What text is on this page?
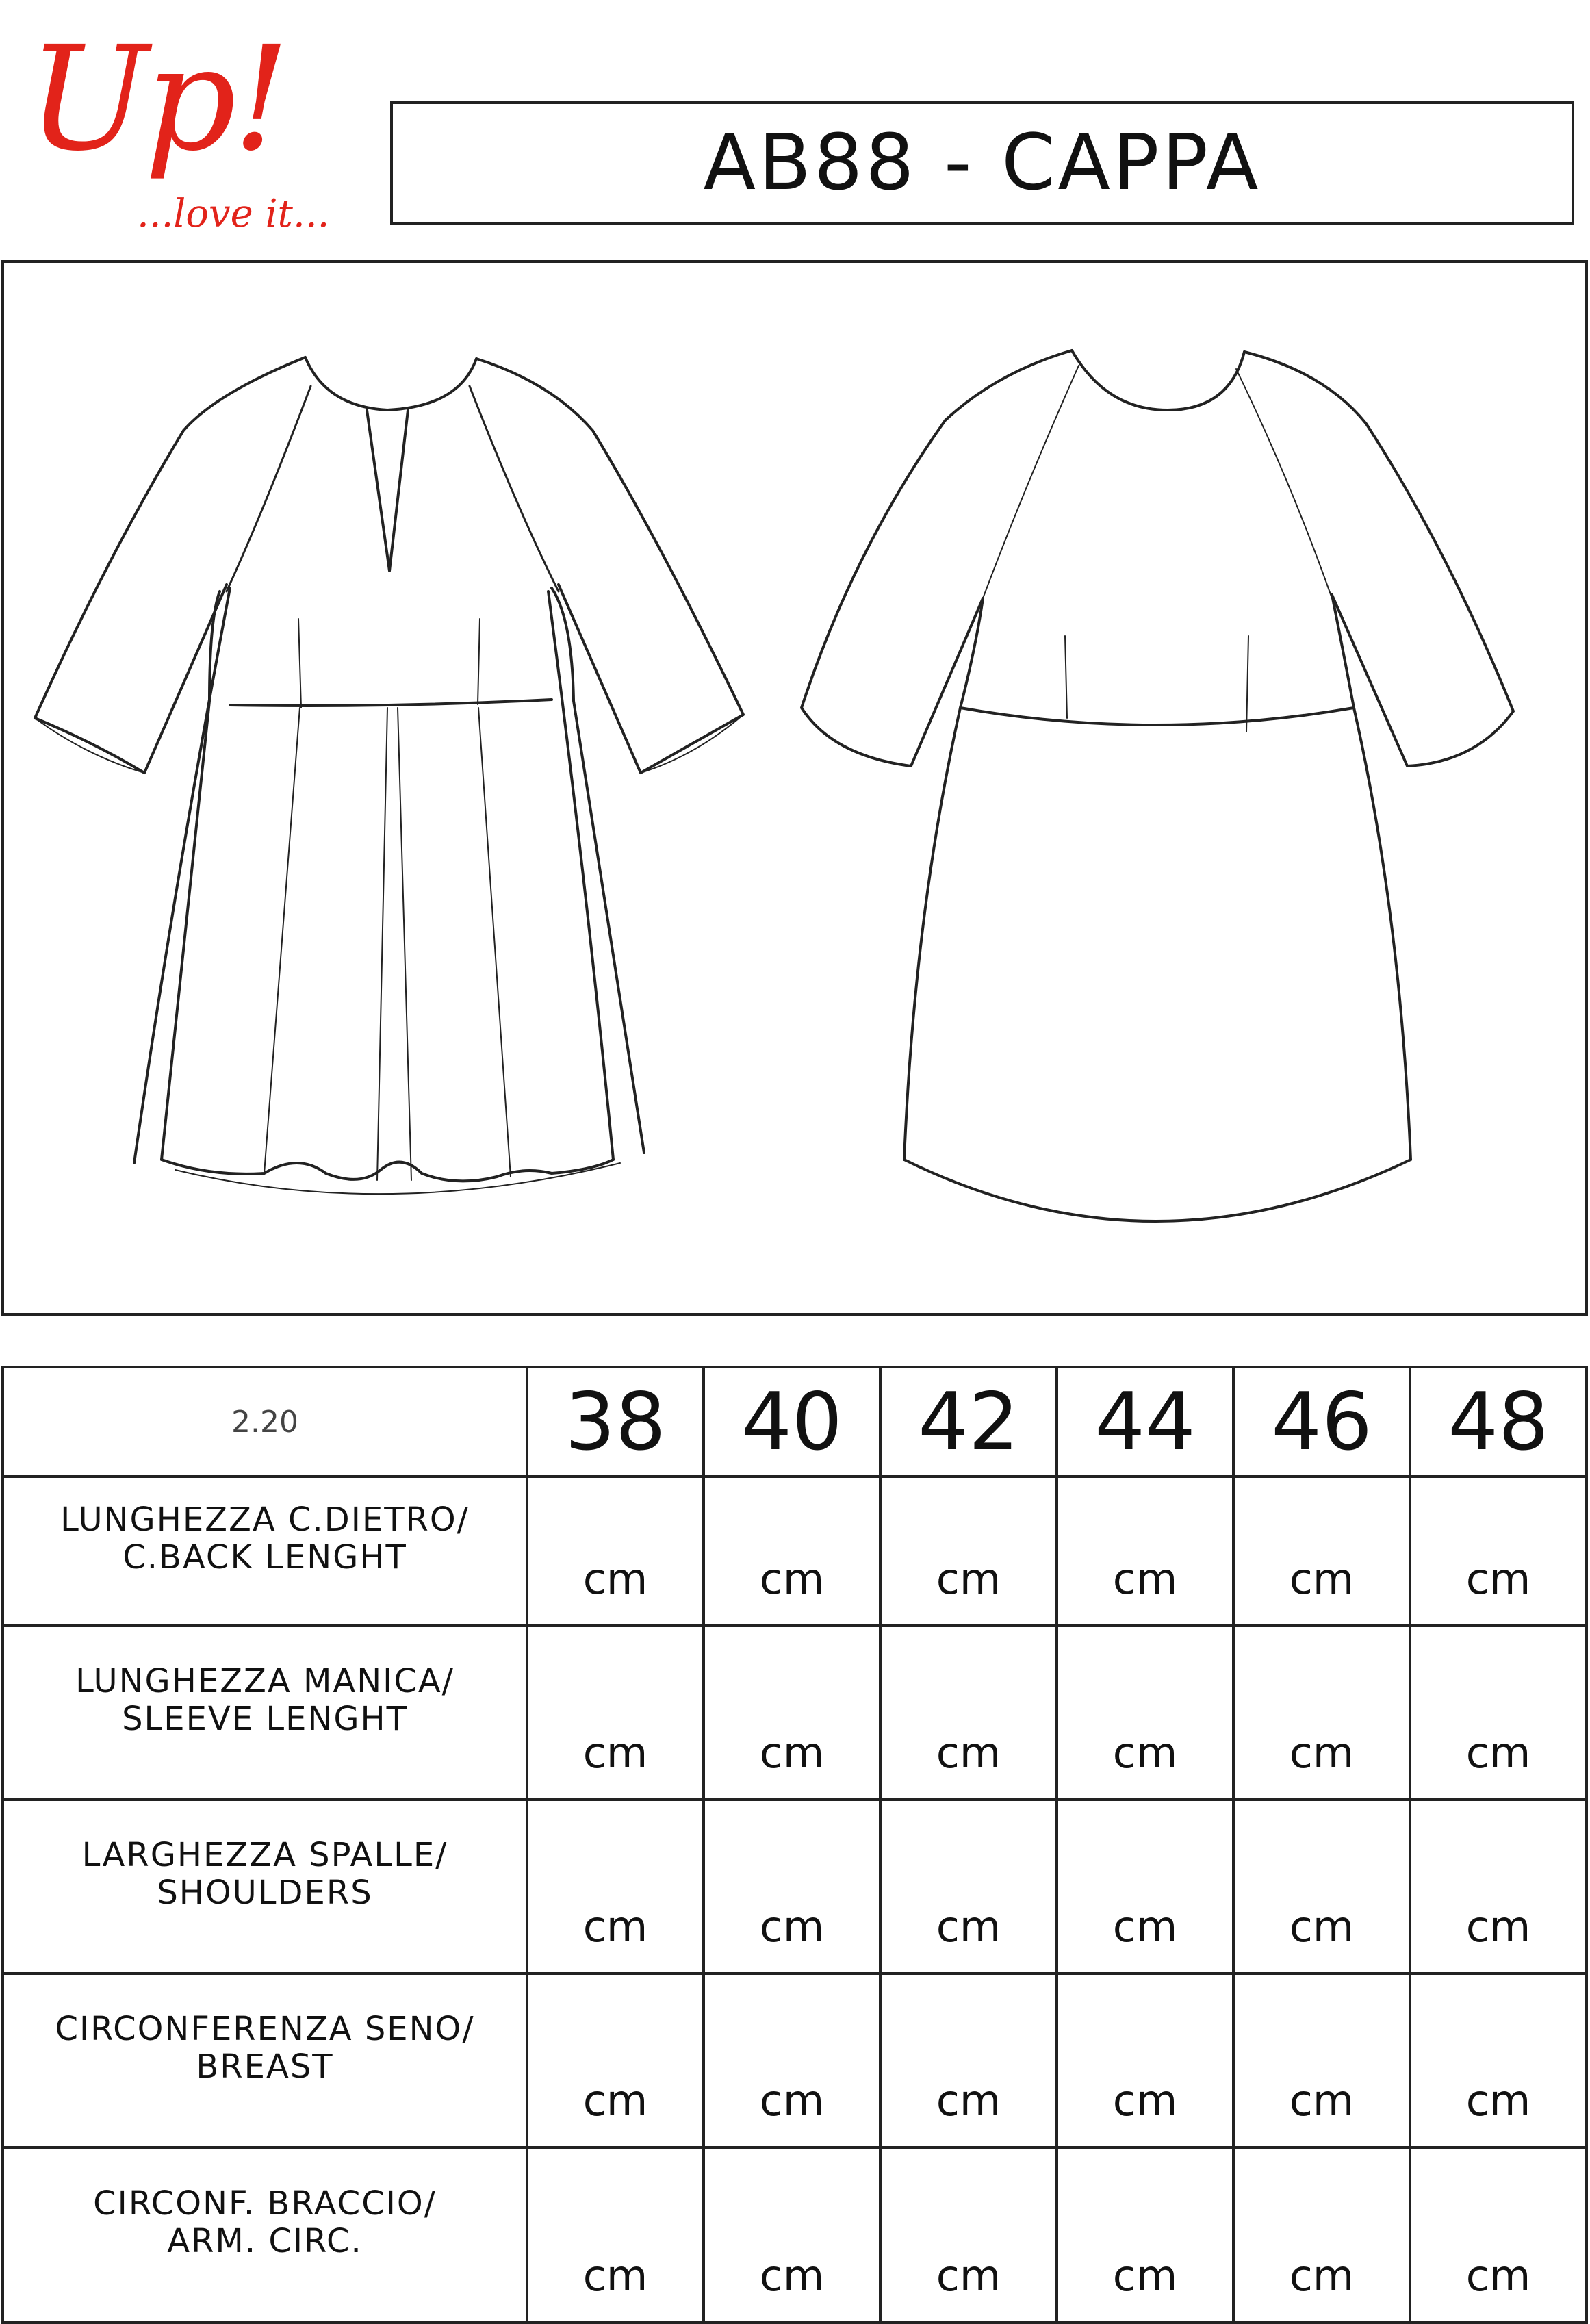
Up!
...love it...
AB88 - CAPPA
2.20	38	40	42	44	46	48

LUNGHEZZA C.DIETRO/
C.BACK LENGHT	cm	cm	cm	cm	cm	cm

LUNGHEZZA MANICA/
SLEEVE LENGHT	cm	cm	cm	cm	cm	cm

LARGHEZZA SPALLE/
SHOULDERS	cm	cm	cm	cm	cm	cm

CIRCONFERENZA SENO/
BREAST	cm	cm	cm	cm	cm	cm

CIRCONF. BRACCIO/
ARM. CIRC.	cm	cm	cm	cm	cm	cm
